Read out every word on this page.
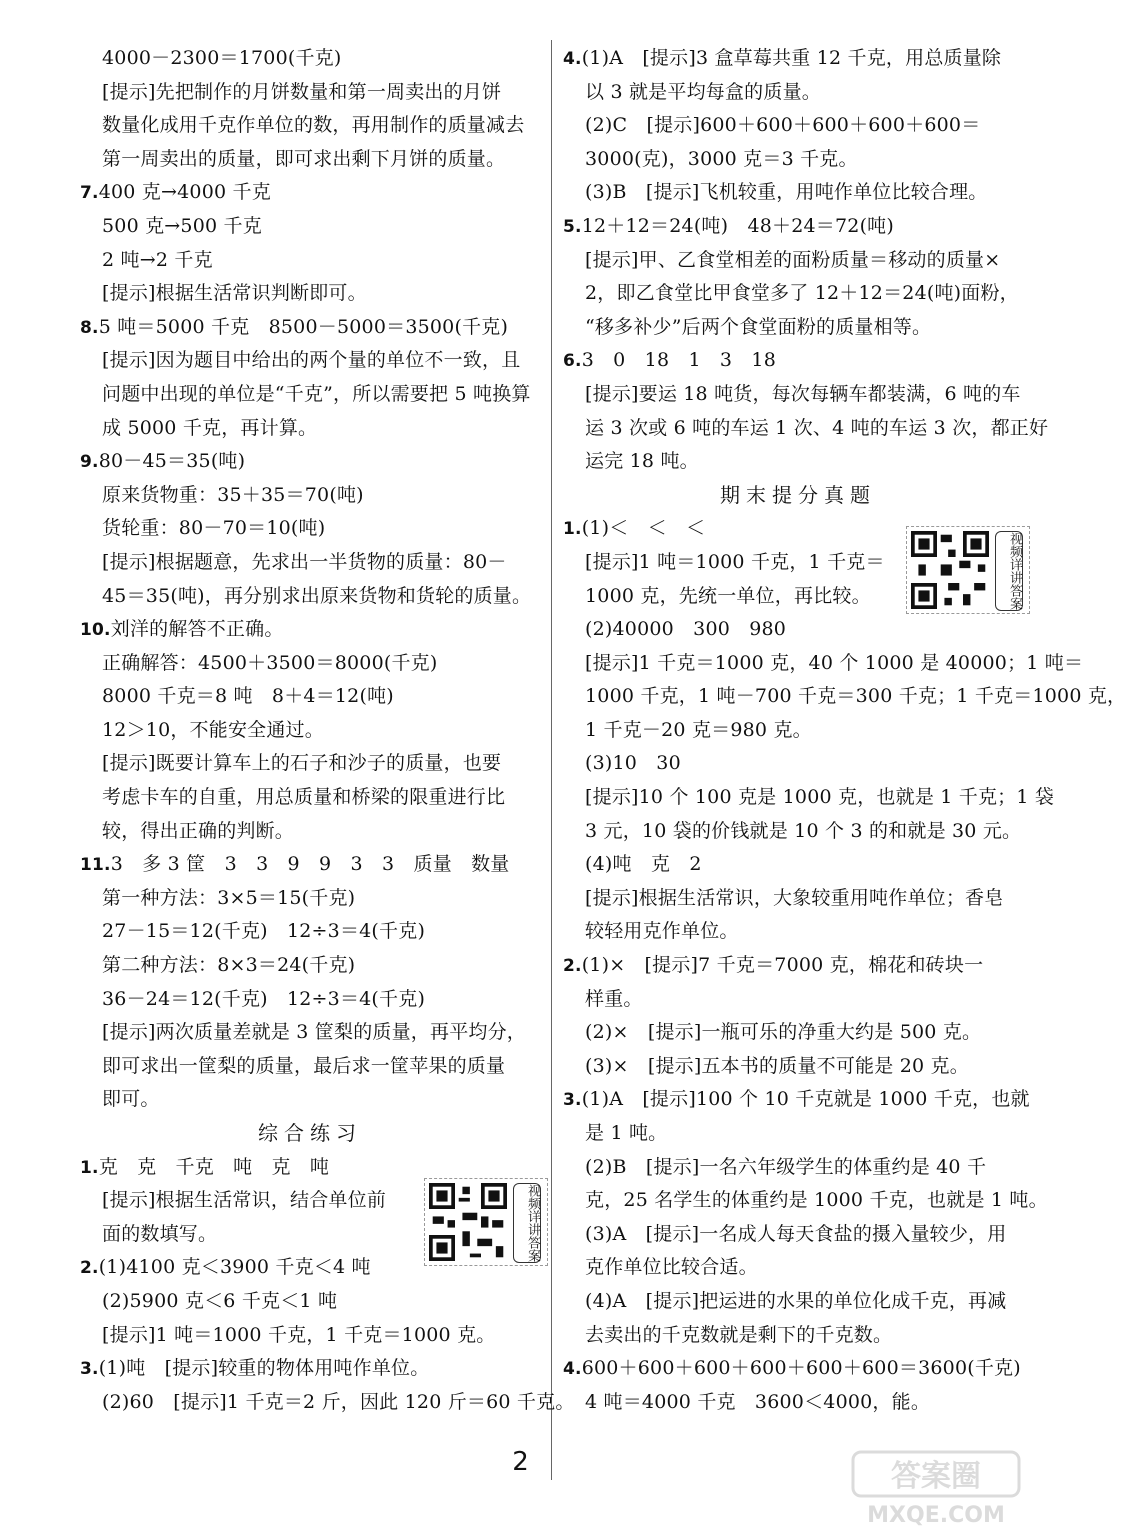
4000－2300＝1700(千克)
[提示]先把制作的月饼数量和第一周卖出的月饼
数量化成用千克作单位的数，再用制作的质量减去
第一周卖出的质量，即可求出剩下月饼的质量。
7.400 克→4000 千克
500 克→500 千克
2 吨→2 千克
[提示]根据生活常识判断即可。
8.5 吨＝5000 千克　8500－5000＝3500(千克)
[提示]因为题目中给出的两个量的单位不一致，且
问题中出现的单位是“千克”，所以需要把 5 吨换算
成 5000 千克，再计算。
9.80－45＝35(吨)
原来货物重：35＋35＝70(吨)
货轮重：80－70＝10(吨)
[提示]根据题意，先求出一半货物的质量：80－
45＝35(吨)，再分别求出原来货物和货轮的质量。
10.刘洋的解答不正确。
正确解答：4500＋3500＝8000(千克)
8000 千克＝8 吨　8＋4＝12(吨)
12＞10，不能安全通过。
[提示]既要计算车上的石子和沙子的质量，也要
考虑卡车的自重，用总质量和桥梁的限重进行比
较，得出正确的判断。
11.3　多 3 筐　3　3　9　9　3　3　质量　数量
第一种方法：3×5＝15(千克)
27－15＝12(千克)　12÷3＝4(千克)
第二种方法：8×3＝24(千克)
36－24＝12(千克)　12÷3＝4(千克)
[提示]两次质量差就是 3 筐梨的质量，再平均分，
即可求出一筐梨的质量，最后求一筐苹果的质量
即可。
综合练习
1.克　克　千克　吨　克　吨
[提示]根据生活常识，结合单位前
面的数填写。
2.(1)4100 克＜3900 千克＜4 吨
(2)5900 克＜6 千克＜1 吨
[提示]1 吨＝1000 千克，1 千克＝1000 克。
3.(1)吨　[提示]较重的物体用吨作单位。
(2)60　[提示]1 千克＝2 斤，因此 120 斤＝60 千克。
4.(1)A　[提示]3 盒草莓共重 12 千克，用总质量除
以 3 就是平均每盒的质量。
(2)C　[提示]600＋600＋600＋600＋600＝
3000(克)，3000 克＝3 千克。
(3)B　[提示]飞机较重，用吨作单位比较合理。
5.12＋12＝24(吨)　48＋24＝72(吨)
[提示]甲、乙食堂相差的面粉质量＝移动的质量×
2，即乙食堂比甲食堂多了 12＋12＝24(吨)面粉，
“移多补少”后两个食堂面粉的质量相等。
6.3　0　18　1　3　18
[提示]要运 18 吨货，每次每辆车都装满，6 吨的车
运 3 次或 6 吨的车运 1 次、4 吨的车运 3 次，都正好
运完 18 吨。
期末提分真题
1.(1)＜　＜　＜
[提示]1 吨＝1000 千克，1 千克＝
1000 克，先统一单位，再比较。
(2)40000　300　980
[提示]1 千克＝1000 克，40 个 1000 是 40000；1 吨＝
1000 千克，1 吨－700 千克＝300 千克；1 千克＝1000 克，
1 千克－20 克＝980 克。
(3)10　30
[提示]10 个 100 克是 1000 克，也就是 1 千克；1 袋
3 元，10 袋的价钱就是 10 个 3 的和就是 30 元。
(4)吨　克　2
[提示]根据生活常识，大象较重用吨作单位；香皂
较轻用克作单位。
2.(1)×　[提示]7 千克＝7000 克，棉花和砖块一
样重。
(2)×　[提示]一瓶可乐的净重大约是 500 克。
(3)×　[提示]五本书的质量不可能是 20 克。
3.(1)A　[提示]100 个 10 千克就是 1000 千克，也就
是 1 吨。
(2)B　[提示]一名六年级学生的体重约是 40 千
克，25 名学生的体重约是 1000 千克，也就是 1 吨。
(3)A　[提示]一名成人每天食盐的摄入量较少，用
克作单位比较合适。
(4)A　[提示]把运进的水果的单位化成千克，再减
去卖出的千克数就是剩下的千克数。
4.600＋600＋600＋600＋600＋600＝3600(千克)
4 吨＝4000 千克　3600＜4000，能。
视频详讲答案
视频详讲答案
2	答案圈
MXQE.COM
